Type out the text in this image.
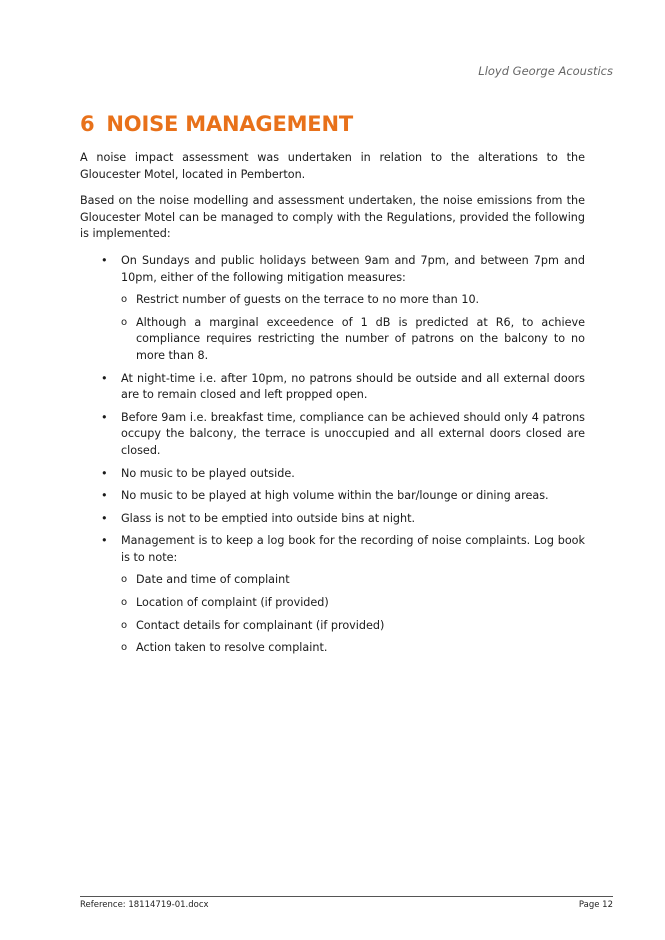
Lloyd George Acoustics
6 NOISE MANAGEMENT

A noise impact assessment was undertaken in relation to the alterations to the Gloucester Motel, located in Pemberton.

Based on the noise modelling and assessment undertaken, the noise emissions from the Gloucester Motel can be managed to comply with the Regulations, provided the following is implemented:

• On Sundays and public holidays between 9am and 7pm, and between 7pm and 10pm, either of the following mitigation measures:
o Restrict number of guests on the terrace to no more than 10.
o Although a marginal exceedence of 1 dB is predicted at R6, to achieve compliance requires restricting the number of patrons on the balcony to no more than 8.
• At night-time i.e. after 10pm, no patrons should be outside and all external doors are to remain closed and left propped open.
• Before 9am i.e. breakfast time, compliance can be achieved should only 4 patrons occupy the balcony, the terrace is unoccupied and all external doors closed are closed.
• No music to be played outside.
• No music to be played at high volume within the bar/lounge or dining areas.
• Glass is not to be emptied into outside bins at night.
• Management is to keep a log book for the recording of noise complaints. Log book is to note:
o Date and time of complaint
o Location of complaint (if provided)
o Contact details for complainant (if provided)
o Action taken to resolve complaint.
Reference: 18114719-01.docx	Page 12
